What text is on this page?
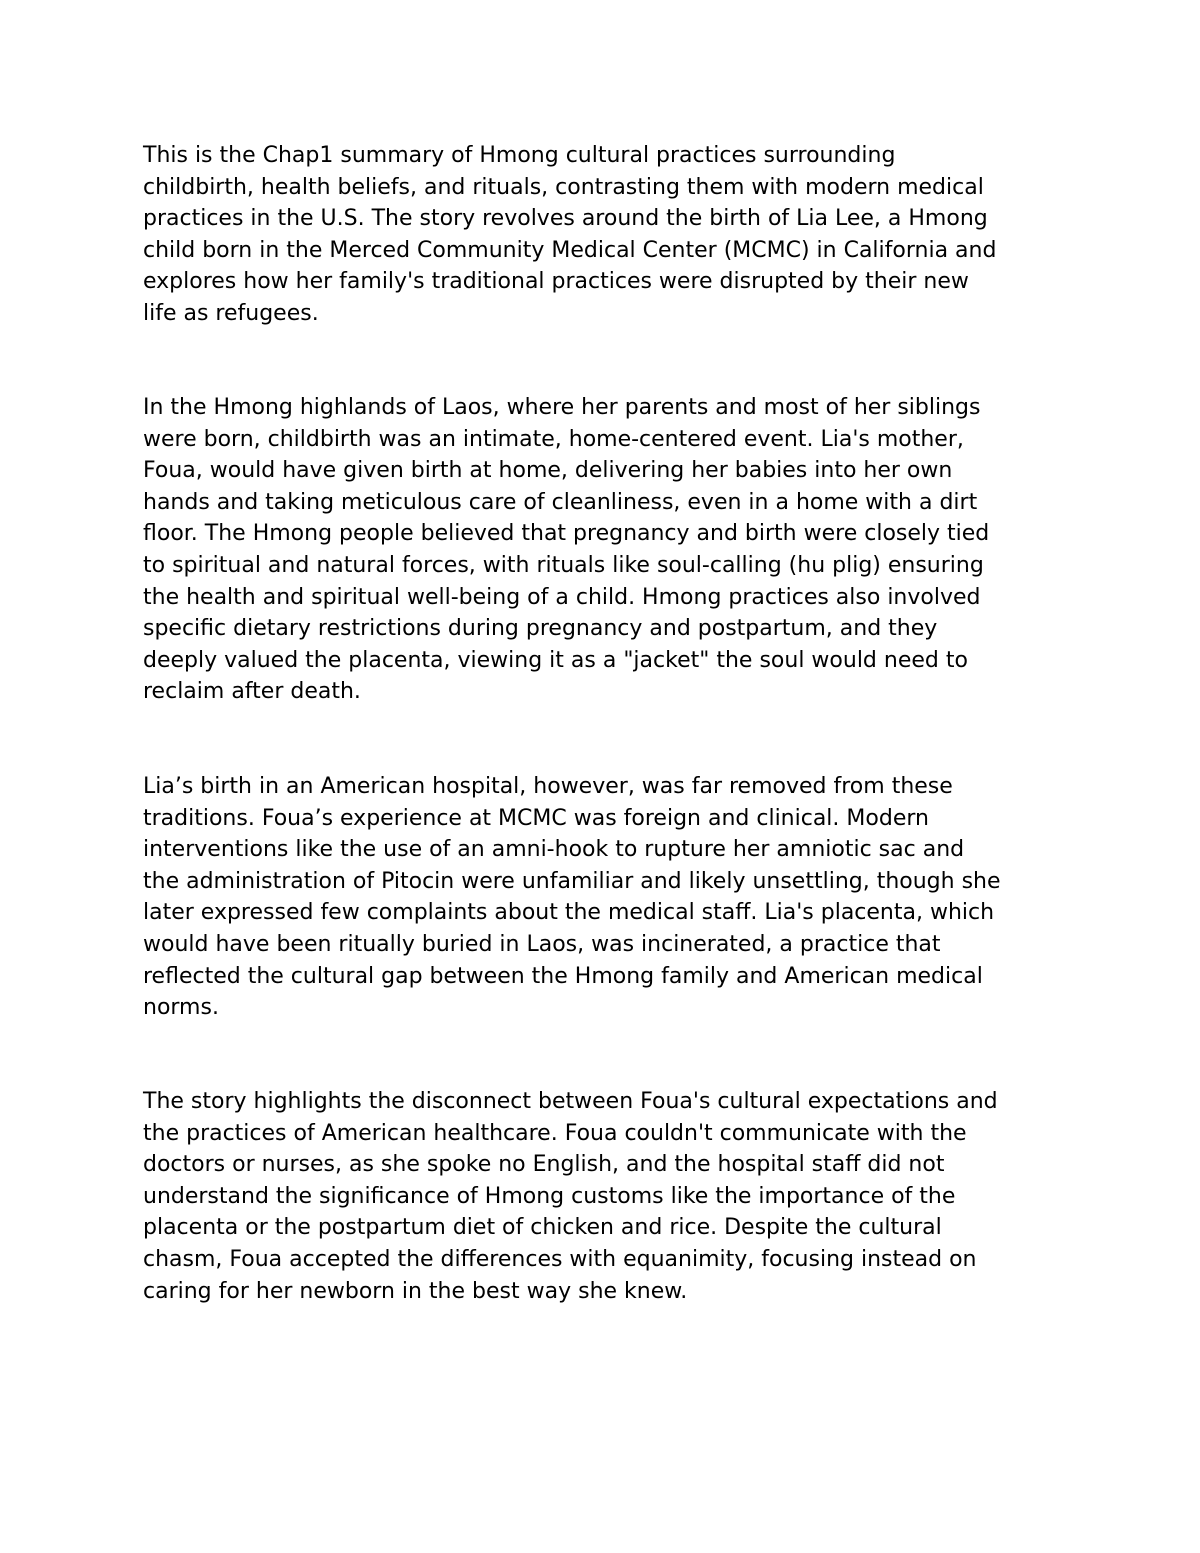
This is the Chap1 summary of Hmong cultural practices surrounding
childbirth, health beliefs, and rituals, contrasting them with modern medical
practices in the U.S. The story revolves around the birth of Lia Lee, a Hmong
child born in the Merced Community Medical Center (MCMC) in California and
explores how her family's traditional practices were disrupted by their new
life as refugees.

In the Hmong highlands of Laos, where her parents and most of her siblings
were born, childbirth was an intimate, home-centered event. Lia's mother,
Foua, would have given birth at home, delivering her babies into her own
hands and taking meticulous care of cleanliness, even in a home with a dirt
floor. The Hmong people believed that pregnancy and birth were closely tied
to spiritual and natural forces, with rituals like soul-calling (hu plig) ensuring
the health and spiritual well-being of a child. Hmong practices also involved
specific dietary restrictions during pregnancy and postpartum, and they
deeply valued the placenta, viewing it as a "jacket" the soul would need to
reclaim after death.

Lia’s birth in an American hospital, however, was far removed from these
traditions. Foua’s experience at MCMC was foreign and clinical. Modern
interventions like the use of an amni-hook to rupture her amniotic sac and
the administration of Pitocin were unfamiliar and likely unsettling, though she
later expressed few complaints about the medical staff. Lia's placenta, which
would have been ritually buried in Laos, was incinerated, a practice that
reflected the cultural gap between the Hmong family and American medical
norms.

The story highlights the disconnect between Foua's cultural expectations and
the practices of American healthcare. Foua couldn't communicate with the
doctors or nurses, as she spoke no English, and the hospital staff did not
understand the significance of Hmong customs like the importance of the
placenta or the postpartum diet of chicken and rice. Despite the cultural
chasm, Foua accepted the differences with equanimity, focusing instead on
caring for her newborn in the best way she knew.
